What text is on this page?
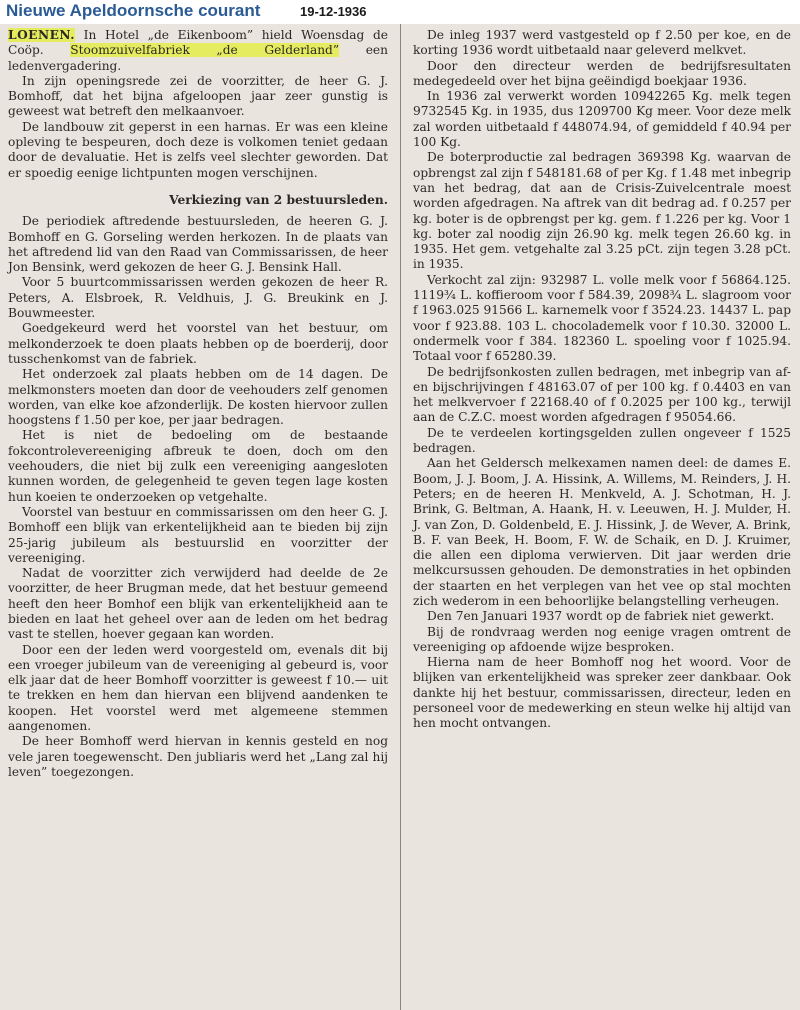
Nieuwe Apeldoornsche courant	19-12-1936

LOENEN. In Hotel „de Eikenboom” hield Woensdag de Coöp. Stoomzuivelfabriek „de Gelderland” een ledenvergadering.

In zijn openingsrede zei de voorzitter, de heer G. J. Bomhoff, dat het bijna afgeloopen jaar zeer gunstig is geweest wat betreft den melkaanvoer.

De landbouw zit geperst in een harnas. Er was een kleine opleving te bespeuren, doch deze is volkomen teniet gedaan door de devaluatie. Het is zelfs veel slechter geworden. Dat er spoedig eenige lichtpunten mogen verschijnen.

Verkiezing van 2 bestuursleden.

De periodiek aftredende bestuursleden, de heeren G. J. Bomhoff en G. Gorseling werden herkozen. In de plaats van het aftredend lid van den Raad van Commissarissen, de heer Jon Bensink, werd gekozen de heer G. J. Bensink Hall.

Voor 5 buurtcommissarissen werden gekozen de heer R. Peters, A. Elsbroek, R. Veldhuis, J. G. Breukink en J. Bouwmeester.

Goedgekeurd werd het voorstel van het bestuur, om melkonderzoek te doen plaats hebben op de boerderij, door tusschenkomst van de fabriek.

Het onderzoek zal plaats hebben om de 14 dagen. De melkmonsters moeten dan door de veehouders zelf genomen worden, van elke koe afzonderlijk. De kosten hiervoor zullen hoogstens f 1.50 per koe, per jaar bedragen.

Het is niet de bedoeling om de bestaande fokcontrolevereeniging afbreuk te doen, doch om den veehouders, die niet bij zulk een vereeniging aangesloten kunnen worden, de gelegenheid te geven tegen lage kosten hun koeien te onderzoeken op vetgehalte.

Voorstel van bestuur en commissarissen om den heer G. J. Bomhoff een blijk van erkentelijkheid aan te bieden bij zijn 25-jarig jubileum als bestuurslid en voorzitter der vereeniging.

Nadat de voorzitter zich verwijderd had deelde de 2e voorzitter, de heer Brugman mede, dat het bestuur gemeend heeft den heer Bomhof een blijk van erkentelijkheid aan te bieden en laat het geheel over aan de leden om het bedrag vast te stellen, hoever gegaan kan worden.

Door een der leden werd voorgesteld om, evenals dit bij een vroeger jubileum van de vereeniging al gebeurd is, voor elk jaar dat de heer Bomhoff voorzitter is geweest f 10.— uit te trekken en hem dan hiervan een blijvend aandenken te koopen. Het voorstel werd met algemeene stemmen aangenomen.

De heer Bomhoff werd hiervan in kennis gesteld en nog vele jaren toegewenscht. Den jubliaris werd het „Lang zal hij leven” toegezongen.

De inleg 1937 werd vastgesteld op f 2.50 per koe, en de korting 1936 wordt uitbetaald naar geleverd melkvet.

Door den directeur werden de bedrijfsresultaten medegedeeld over het bijna geëindigd boekjaar 1936.

In 1936 zal verwerkt worden 10942265 Kg. melk tegen 9732545 Kg. in 1935, dus 1209700 Kg meer. Voor deze melk zal worden uitbetaald f 448074.94, of gemiddeld f 40.94 per 100 Kg.

De boterproductie zal bedragen 369398 Kg. waarvan de opbrengst zal zijn f 548181.68 of per Kg. f 1.48 met inbegrip van het bedrag, dat aan de Crisis-Zuivelcentrale moest worden afgedragen. Na aftrek van dit bedrag ad. f 0.257 per kg. boter is de opbrengst per kg. gem. f 1.226 per kg. Voor 1 kg. boter zal noodig zijn 26.90 kg. melk tegen 26.60 kg. in 1935. Het gem. vetgehalte zal 3.25 pCt. zijn tegen 3.28 pCt. in 1935.

Verkocht zal zijn: 932987 L. volle melk voor f 56864.125. 1119¾ L. koffieroom voor f 584.39, 2098¾ L. slagroom voor f 1963.025 91566 L. karnemelk voor f 3524.23. 14437 L. pap voor f 923.88. 103 L. chocolademelk voor f 10.30. 32000 L. ondermelk voor f 384. 182360 L. spoeling voor f 1025.94. Totaal voor f 65280.39.

De bedrijfsonkosten zullen bedragen, met inbegrip van af- en bijschrijvingen f 48163.07 of per 100 kg. f 0.4403 en van het melkvervoer f 22168.40 of f 0.2025 per 100 kg., terwijl aan de C.Z.C. moest worden afgedragen f 95054.66.

De te verdeelen kortingsgelden zullen ongeveer f 1525 bedragen.

Aan het Geldersch melkexamen namen deel: de dames E. Boom, J. J. Boom, J. A. Hissink, A. Willems, M. Reinders, J. H. Peters; en de heeren H. Menkveld, A. J. Schotman, H. J. Brink, G. Beltman, A. Haank, H. v. Leeuwen, H. J. Mulder, H. J. van Zon, D. Goldenbeld, E. J. Hissink, J. de Wever, A. Brink, B. F. van Beek, H. Boom, F. W. de Schaik, en D. J. Kruimer, die allen een diploma verwierven. Dit jaar werden drie melkcursussen gehouden. De demonstraties in het opbinden der staarten en het verplegen van het vee op stal mochten zich wederom in een behoorlijke belangstelling verheugen.

Den 7en Januari 1937 wordt op de fabriek niet gewerkt.

Bij de rondvraag werden nog eenige vragen omtrent de vereeniging op afdoende wijze besproken.

Hierna nam de heer Bomhoff nog het woord. Voor de blijken van erkentelijkheid was spreker zeer dankbaar. Ook dankte hij het bestuur, commissarissen, directeur, leden en personeel voor de medewerking en steun welke hij altijd van hen mocht ontvangen.
